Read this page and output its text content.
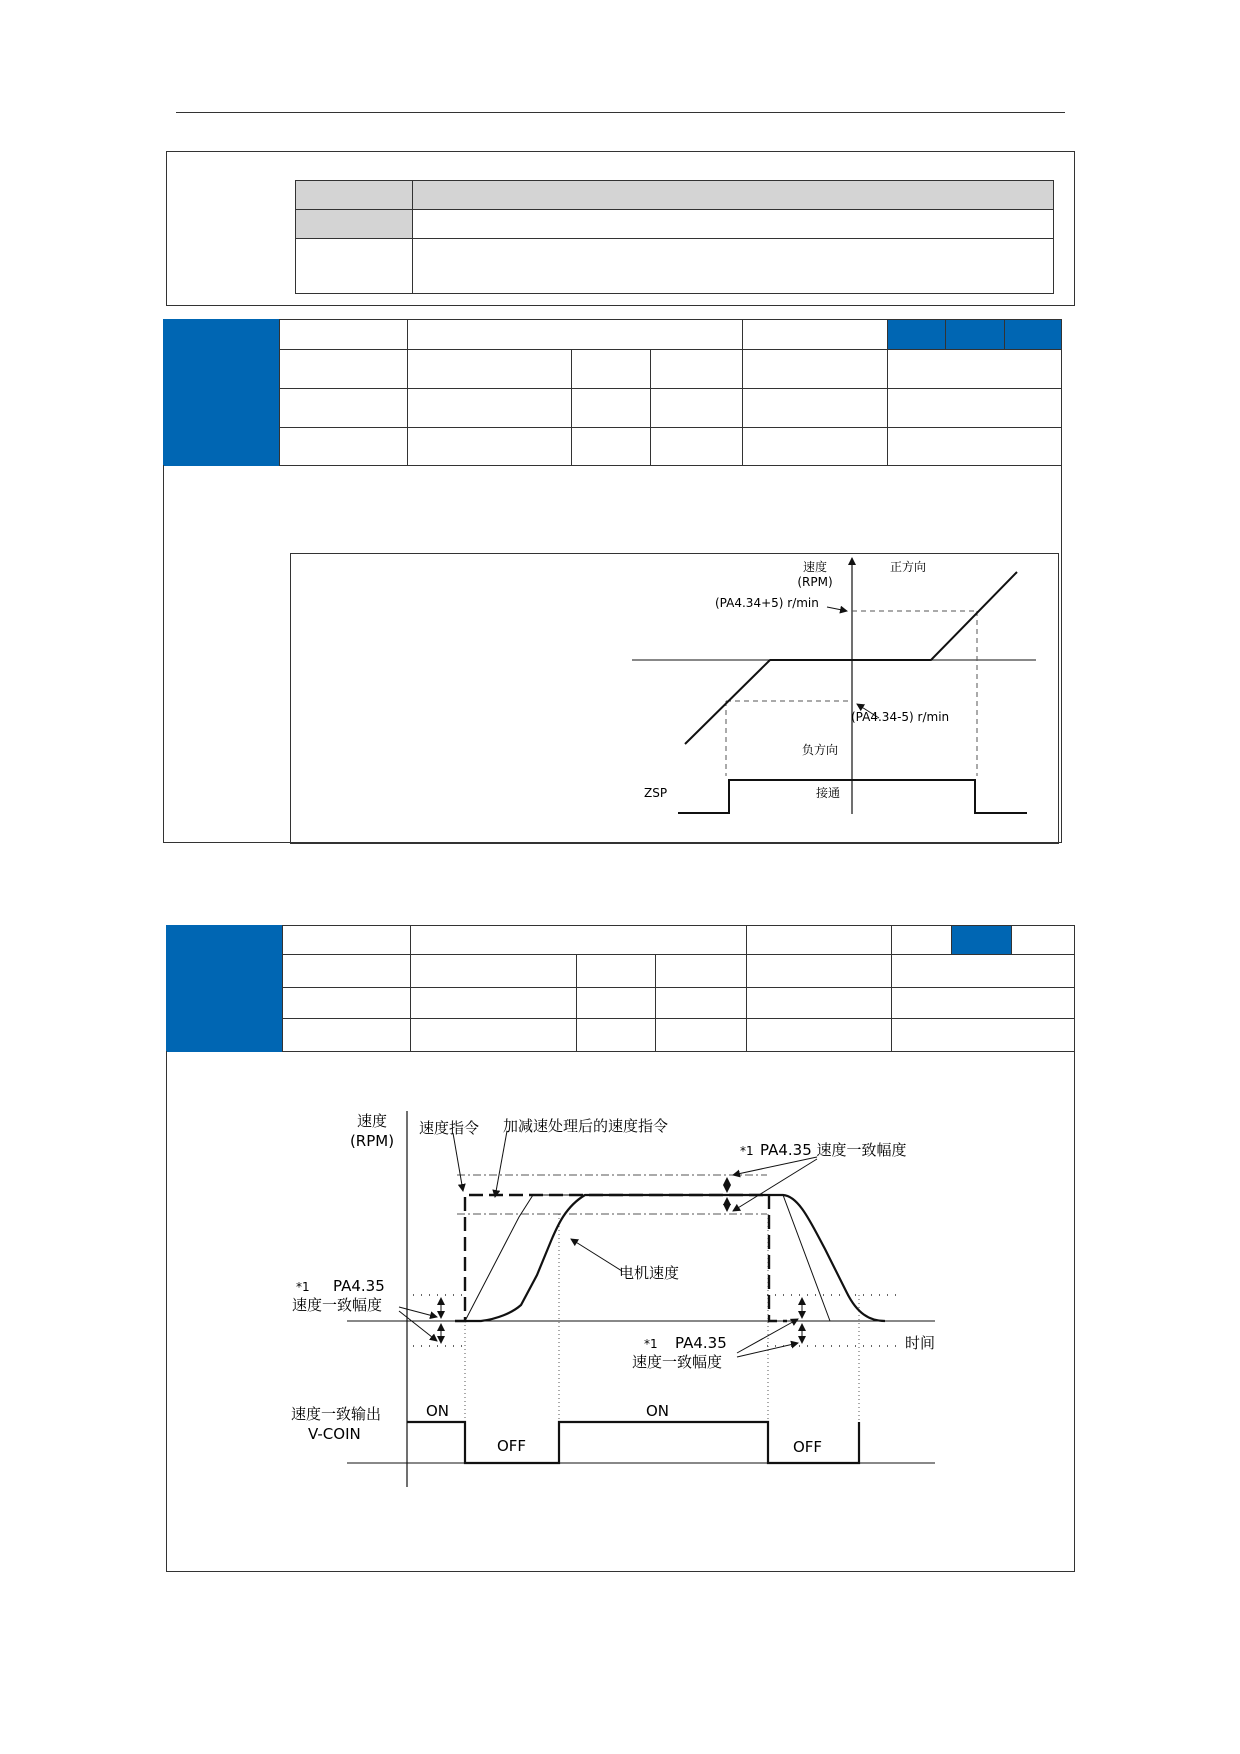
速度
(RPM)
正方向
(PA4.34+5) r/min
(PA4.34-5) r/min
负方向
ZSP	接通

速度
(RPM)
速度指令 加减速处理后的速度指令
电机速度
*1 PA4.35 速度一致幅度
*1 PA4.35
速度一致幅度
*1 PA4.35
速度一致幅度
时间
速度一致输出
V-COIN
ON
OFF
ON
OFF
